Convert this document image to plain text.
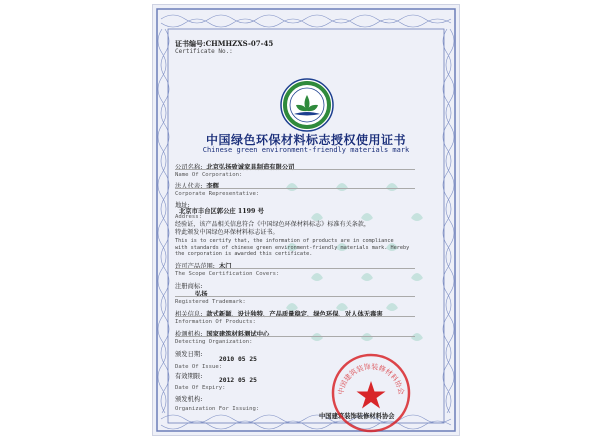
证书编号:CHMHZXS-07-45
Certificate No.:
中国绿色环保材料标志授权使用证书
Chinese green environment-friendly materials mark
公司名称: 北京弘扬致诚家具制造有限公司
Name Of Corporation:
法人代表: 李辉
Corporate Representative:
地址:
北京市丰台区郭公庄 1199 号
Address:
经验证，该产品相关信息符合《中国绿色环保材料标志》标准有关条款，
特此颁发中国绿色环保材料标志证书。
This is to certify that, the information of products are in compliance
with standards of chinese green environment-friendly materials mark. Hereby
the corporation is awarded this certificate.
许可产品范围: 木门
The Scope Certification Covers:
注册商标:
弘扬
Registered Trademark:
相关信息: 款式新颖、设计独特、产品质量稳定、绿色环保、对人体无毒害
Information Of Products:
检测机构: 国家建筑材料测试中心
Detecting Organization:
颁发日期:
2010 05 25
Date Of Issue:
有效期限:
2012 05 25
Date Of Expiry:
颁发机构:
Organization For Issuing:
中国建筑装饰装修材料协会
中国建筑装饰装修材料协会
